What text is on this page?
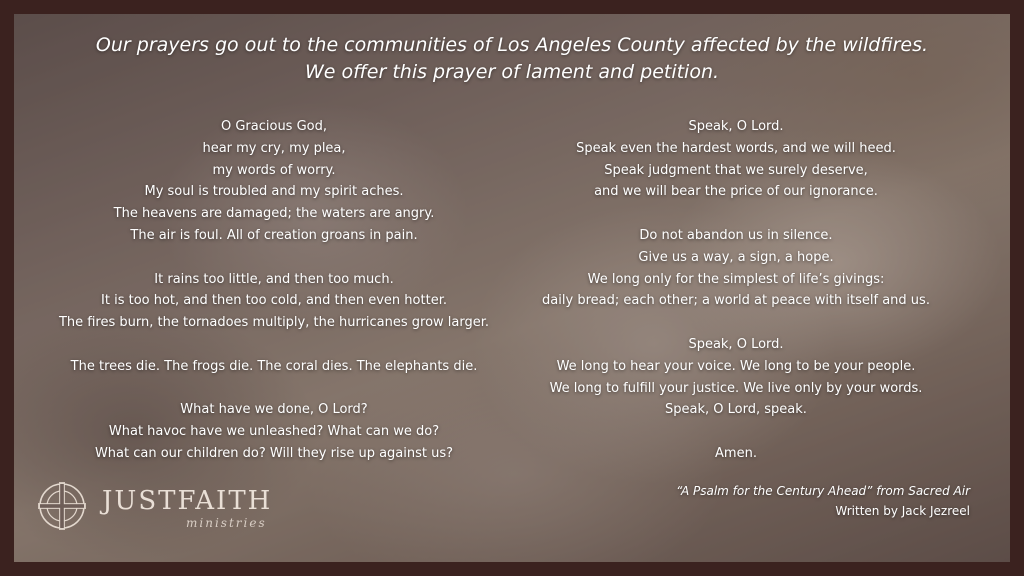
Our prayers go out to the communities of Los Angeles County affected by the wildfires.
We offer this prayer of lament and petition.
O Gracious God,
hear my cry, my plea,
my words of worry.
My soul is troubled and my spirit aches.
The heavens are damaged; the waters are angry.
The air is foul. All of creation groans in pain.
It rains too little, and then too much.
It is too hot, and then too cold, and then even hotter.
The fires burn, the tornadoes multiply, the hurricanes grow larger.
The trees die. The frogs die. The coral dies. The elephants die.
What have we done, O Lord?
What havoc have we unleashed? What can we do?
What can our children do? Will they rise up against us?
Speak, O Lord.
Speak even the hardest words, and we will heed.
Speak judgment that we surely deserve,
and we will bear the price of our ignorance.
Do not abandon us in silence.
Give us a way, a sign, a hope.
We long only for the simplest of life’s givings:
daily bread; each other; a world at peace with itself and us.
Speak, O Lord.
We long to hear your voice. We long to be your people.
We long to fulfill your justice. We live only by your words.
Speak, O Lord, speak.
Amen.
“A Psalm for the Century Ahead” from Sacred Air
Written by Jack Jezreel
JUSTFAITH
ministries
